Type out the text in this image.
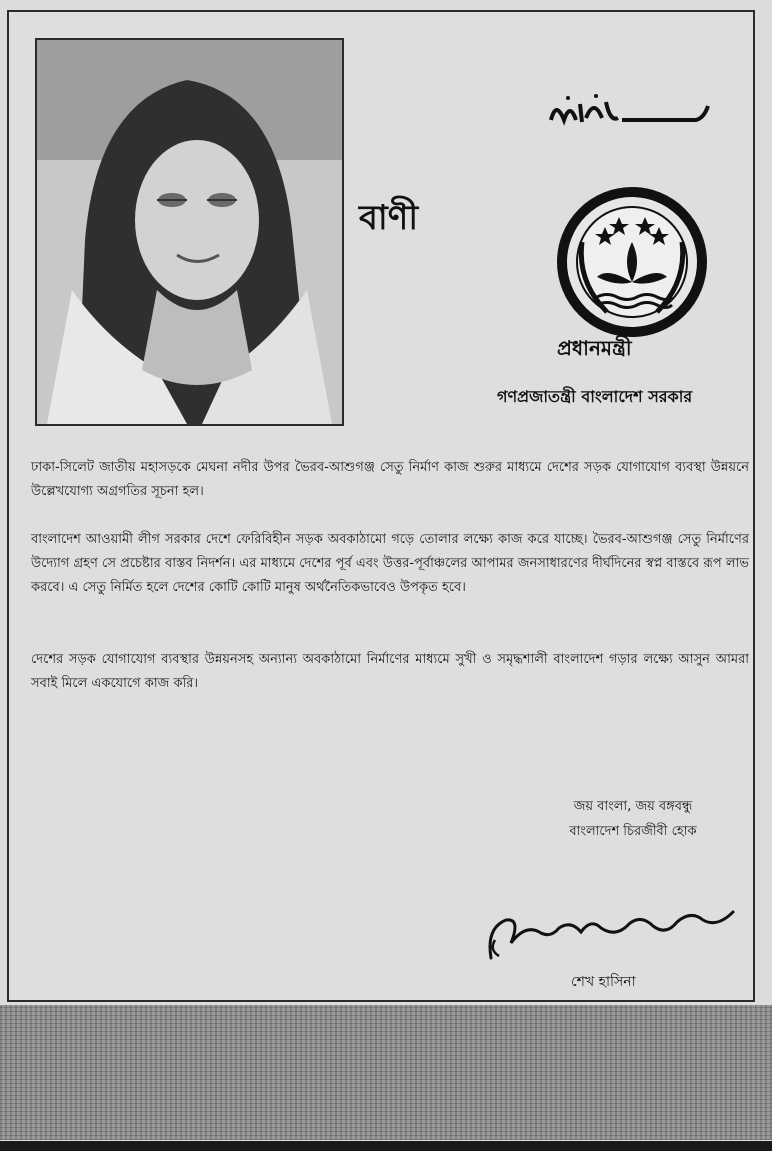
বাণী
প্রধানমন্ত্রী
গণপ্রজাতন্ত্রী বাংলাদেশ সরকার

ঢাকা-সিলেট জাতীয় মহাসড়কে মেঘনা নদীর উপর ভৈরব-আশুগঞ্জ সেতু নির্মাণ কাজ শুরুর মাধ্যমে দেশের সড়ক যোগাযোগ ব্যবস্থা উন্নয়নে উল্লেখযোগ্য অগ্রগতির সূচনা হল।

বাংলাদেশ আওয়ামী লীগ সরকার দেশে ফেরিবিহীন সড়ক অবকাঠামো গড়ে তোলার লক্ষ্যে কাজ করে যাচ্ছে। ভৈরব-আশুগঞ্জ সেতু নির্মাণের উদ্যোগ গ্রহণ সে প্রচেষ্টার বাস্তব নিদর্শন। এর মাধ্যমে দেশের পূর্ব এবং উত্তর-পূর্বাঞ্চলের আপামর জনসাধারণের দীর্ঘদিনের স্বপ্ন বাস্তবে রূপ লাভ করবে। এ সেতু নির্মিত হলে দেশের কোটি কোটি মানুষ অর্থনৈতিকভাবেও উপকৃত হবে।

দেশের সড়ক যোগাযোগ ব্যবস্থার উন্নয়নসহ অন্যান্য অবকাঠামো নির্মাণের মাধ্যমে সুখী ও সমৃদ্ধশালী বাংলাদেশ গড়ার লক্ষ্যে আসুন আমরা সবাই মিলে একযোগে কাজ করি।

জয় বাংলা, জয় বঙ্গবন্ধু
বাংলাদেশ চিরজীবী হোক
শেখ হাসিনা
